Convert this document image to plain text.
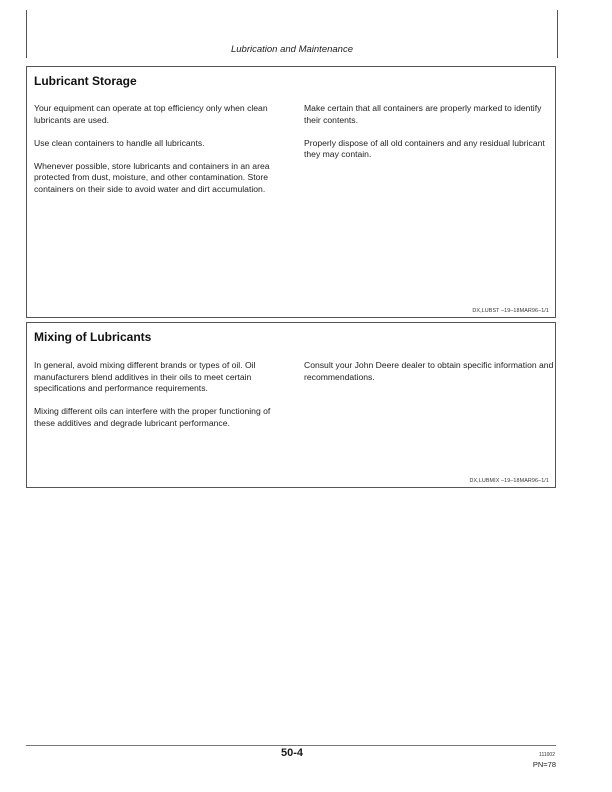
Lubrication and Maintenance
Lubricant Storage

Your equipment can operate at top efficiency only when clean lubricants are used.

Use clean containers to handle all lubricants.

Whenever possible, store lubricants and containers in an area protected from dust, moisture, and other contamination. Store containers on their side to avoid water and dirt accumulation.

Make certain that all containers are properly marked to identify their contents.

Properly dispose of all old containers and any residual lubricant they may contain.

DX,LUBST –19–18MAR96–1/1
Mixing of Lubricants

In general, avoid mixing different brands or types of oil. Oil manufacturers blend additives in their oils to meet certain specifications and performance requirements.

Mixing different oils can interfere with the proper functioning of these additives and degrade lubricant performance.

Consult your John Deere dealer to obtain specific information and recommendations.

DX,LUBMIX –19–18MAR96–1/1
50-4	111002
PN=78
